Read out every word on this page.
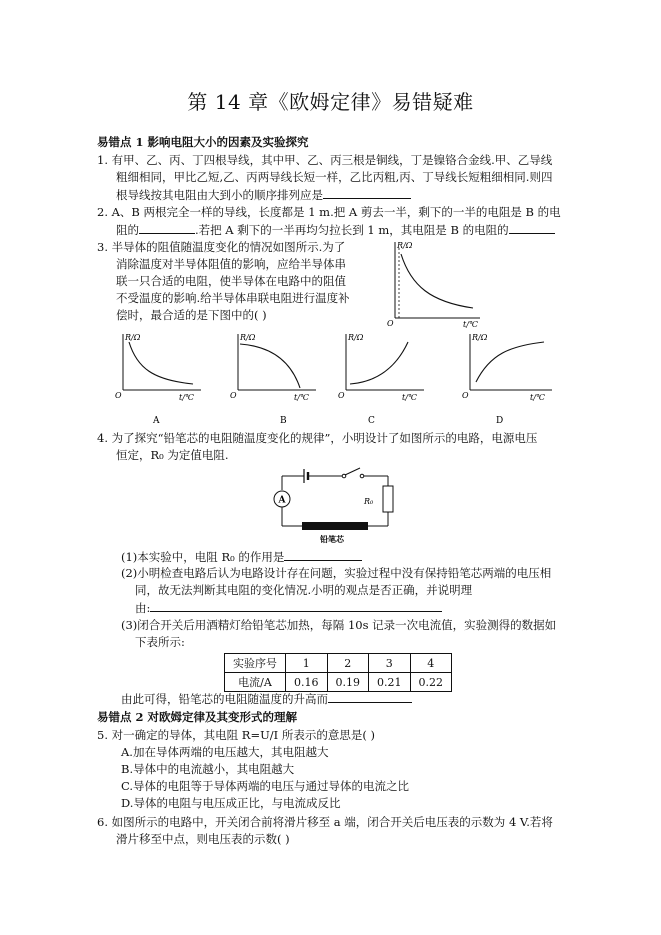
第 14 章《欧姆定律》易错疑难
易错点 1 影响电阻大小的因素及实验探究
1. 有甲、乙、丙、丁四根导线，其中甲、乙、丙三根是铜线，丁是镍铬合金线.甲、乙导线
粗细相同，甲比乙短,乙、丙两导线长短一样，乙比丙粗,丙、丁导线长短粗细相同.则四
根导线按其电阻由大到小的顺序排列应是
2. A、B 两根完全一样的导线，长度都是 1 m.把 A 剪去一半，剩下的一半的电阻是 B 的电
阻的	.若把 A 剩下的一半再均匀拉长到 1 m，其电阻是 B 的电阻的
3. 半导体的阻值随温度变化的情况如图所示.为了
消除温度对半导体阻值的影响，应给半导体串
联一只合适的电阻，使半导体在电路中的阻值
不受温度的影响.给半导体串联电阻进行温度补
偿时，最合适的是下图中的( )
R/Ω
O	t/℃
R/Ω
O	t/℃
A
R/Ω
O	t/℃
B
R/Ω
O	t/℃
C
R/Ω
O	t/℃
D
4. 为了探究“铅笔芯的电阻随温度变化的规律”，小明设计了如图所示的电路，电源电压
恒定，R₀ 为定值电阻.
R₀
A
铅笔芯
(1)本实验中，电阻 R₀ 的作用是
(2)小明检查电路后认为电路设计存在问题，实验过程中没有保持铅笔芯两端的电压相
同，故无法判断其电阻的变化情况.小明的观点是否正确，并说明理
由:
(3)闭合开关后用酒精灯给铅笔芯加热，每隔 10s 记录一次电流值，实验测得的数据如
下表所示:
实验序号	1	2	3	4
电流/A	0.16	0.19	0.21	0.22
由此可得，铅笔芯的电阻随温度的升高而
易错点 2 对欧姆定律及其变形式的理解
5. 对一确定的导体，其电阻 R=U/I 所表示的意思是( )
A.加在导体两端的电压越大，其电阻越大
B.导体中的电流越小，其电阻越大
C.导体的电阻等于导体两端的电压与通过导体的电流之比
D.导体的电阻与电压成正比，与电流成反比
6. 如图所示的电路中，开关闭合前将滑片移至 a 端，闭合开关后电压表的示数为 4 V.若将
滑片移至中点，则电压表的示数( )
